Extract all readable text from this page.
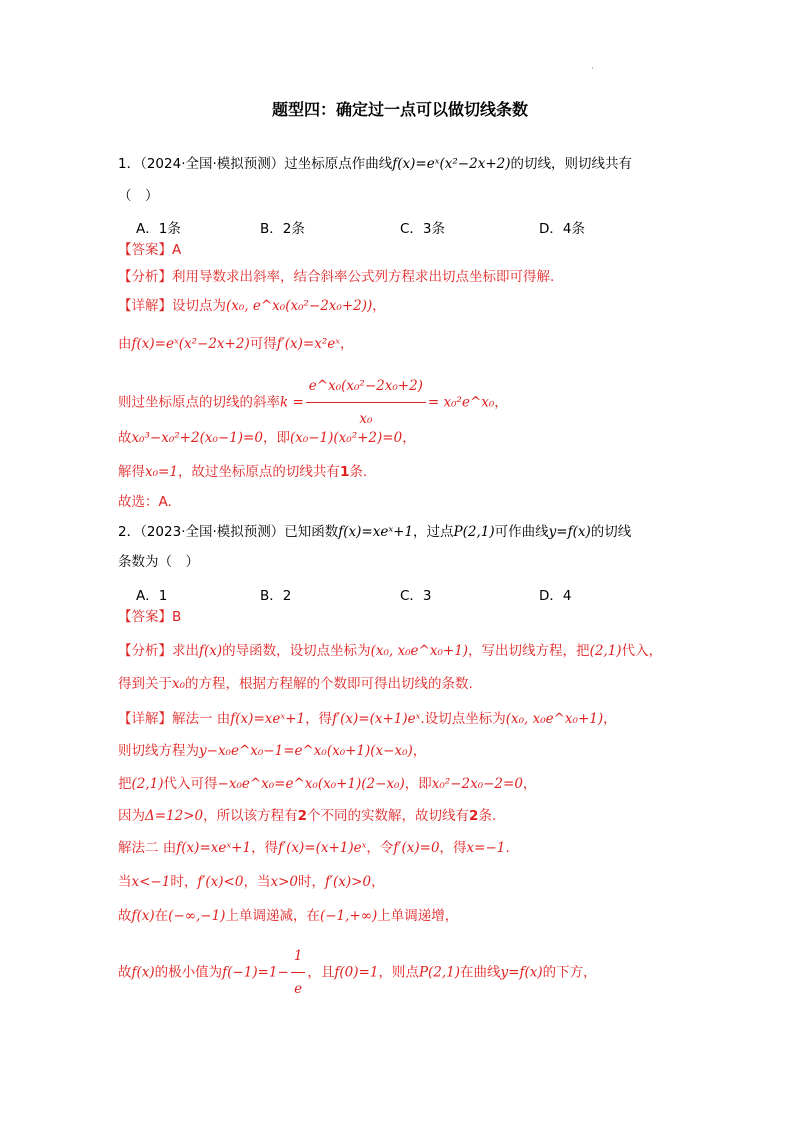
·
题型四：确定过一点可以做切线条数
1．（2024·全国·模拟预测）过坐标原点作曲线f(x)=eˣ(x²−2x+2)的切线，则切线共有
（　）
A．1条	B．2条	C．3条	D．4条
【答案】A
【分析】利用导数求出斜率，结合斜率公式列方程求出切点坐标即可得解.
【详解】设切点为(x₀, e^x₀(x₀²−2x₀+2))，
由f(x)=eˣ(x²−2x+2)可得f′(x)=x²eˣ，
则过坐标原点的切线的斜率$k = \frac{\text{e\textasciicircum{}x₀(x₀²−2x₀+2)}}{\text{x₀}}$ = x₀²e^x₀，
故x₀³−x₀²+2(x₀−1)=0，即(x₀−1)(x₀²+2)=0，
解得x₀=1，故过坐标原点的切线共有1条.
故选：A.
2．（2023·全国·模拟预测）已知函数f(x)=xeˣ+1，过点P(2,1)可作曲线y=f(x)的切线
条数为（　）
A．1	B．2	C．3	D．4
【答案】B
【分析】求出f(x)的导函数，设切点坐标为(x₀, x₀e^x₀+1)，写出切线方程，把(2,1)代入，
得到关于x₀的方程，根据方程解的个数即可得出切线的条数.
【详解】解法一 由f(x)=xeˣ+1，得f′(x)=(x+1)eˣ.设切点坐标为(x₀, x₀e^x₀+1)，
则切线方程为y−x₀e^x₀−1=e^x₀(x₀+1)(x−x₀)，
把(2,1)代入可得−x₀e^x₀=e^x₀(x₀+1)(2−x₀)，即x₀²−2x₀−2=0，
因为Δ=12>0，所以该方程有2个不同的实数解，故切线有2条.
解法二 由f(x)=xeˣ+1，得f′(x)=(x+1)eˣ，令f′(x)=0，得x=−1.
当x<−1时，f′(x)<0，当x>0时，f′(x)>0，
故f(x)在(−∞,−1)上单调递减，在(−1,+∞)上单调递增，
故f(x)的极小值为$f(-1)=1- \frac{1}{e}$ ，且f(0)=1，则点P(2,1)在曲线y=f(x)的下方，
